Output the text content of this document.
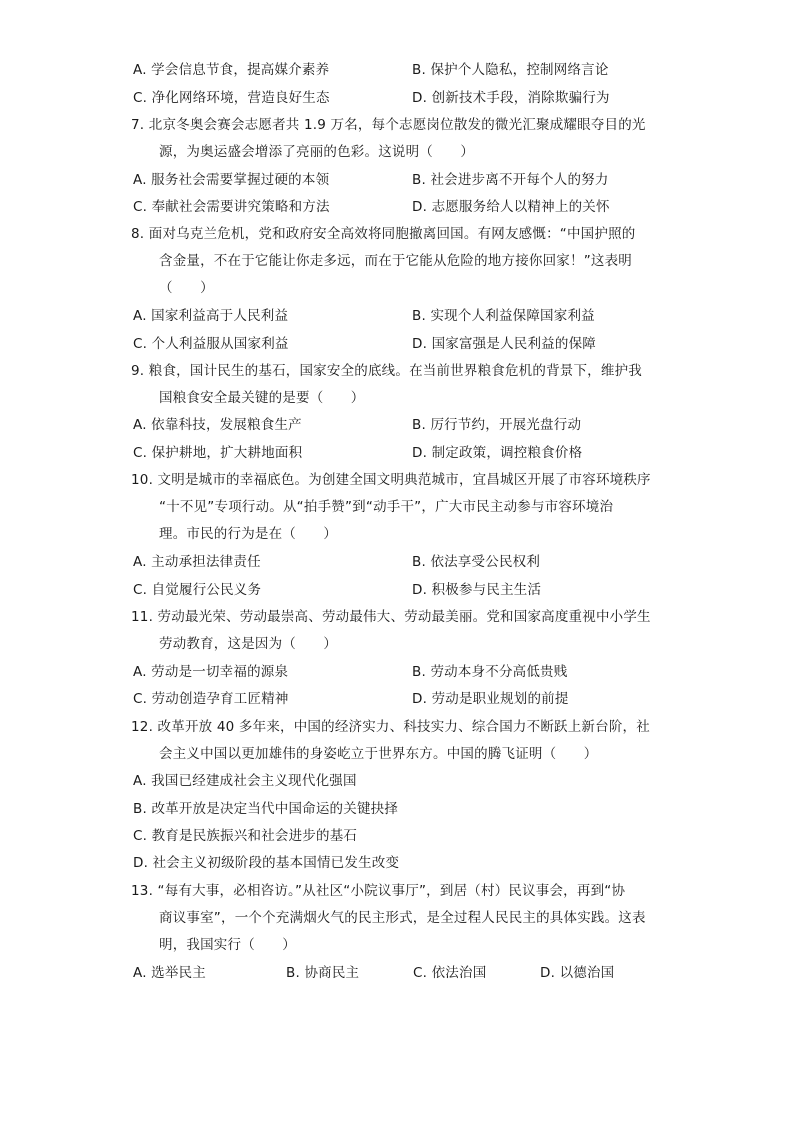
A. 学会信息节食，提高媒介素养	B. 保护个人隐私，控制网络言论
C. 净化网络环境，营造良好生态	D. 创新技术手段，消除欺骗行为
7. 北京冬奥会赛会志愿者共 1.9 万名，每个志愿岗位散发的微光汇聚成耀眼夺目的光
源，为奥运盛会增添了亮丽的色彩。这说明（　　）
A. 服务社会需要掌握过硬的本领	B. 社会进步离不开每个人的努力
C. 奉献社会需要讲究策略和方法	D. 志愿服务给人以精神上的关怀
8. 面对乌克兰危机，党和政府安全高效将同胞撤离回国。有网友感慨：“中国护照的
含金量，不在于它能让你走多远，而在于它能从危险的地方接你回家！”这表明
（　　）
A. 国家利益高于人民利益	B. 实现个人利益保障国家利益
C. 个人利益服从国家利益	D. 国家富强是人民利益的保障
9. 粮食，国计民生的基石，国家安全的底线。在当前世界粮食危机的背景下，维护我
国粮食安全最关键的是要（　　）
A. 依靠科技，发展粮食生产	B. 厉行节约，开展光盘行动
C. 保护耕地，扩大耕地面积	D. 制定政策，调控粮食价格
10. 文明是城市的幸福底色。为创建全国文明典范城市，宜昌城区开展了市容环境秩序
“十不见”专项行动。从“拍手赞”到“动手干”，广大市民主动参与市容环境治
理。市民的行为是在（　　）
A. 主动承担法律责任	B. 依法享受公民权利
C. 自觉履行公民义务	D. 积极参与民主生活
11. 劳动最光荣、劳动最崇高、劳动最伟大、劳动最美丽。党和国家高度重视中小学生
劳动教育，这是因为（　　）
A. 劳动是一切幸福的源泉	B. 劳动本身不分高低贵贱
C. 劳动创造孕育工匠精神	D. 劳动是职业规划的前提
12. 改革开放 40 多年来，中国的经济实力、科技实力、综合国力不断跃上新台阶，社
会主义中国以更加雄伟的身姿屹立于世界东方。中国的腾飞证明（　　）
A. 我国已经建成社会主义现代化强国
B. 改革开放是决定当代中国命运的关键抉择
C. 教育是民族振兴和社会进步的基石
D. 社会主义初级阶段的基本国情已发生改变
13. “每有大事，必相咨访。”从社区“小院议事厅”，到居（村）民议事会，再到“协
商议事室”，一个个充满烟火气的民主形式，是全过程人民民主的具体实践。这表
明，我国实行（　　）
A. 选举民主	B. 协商民主	C. 依法治国	D. 以德治国
